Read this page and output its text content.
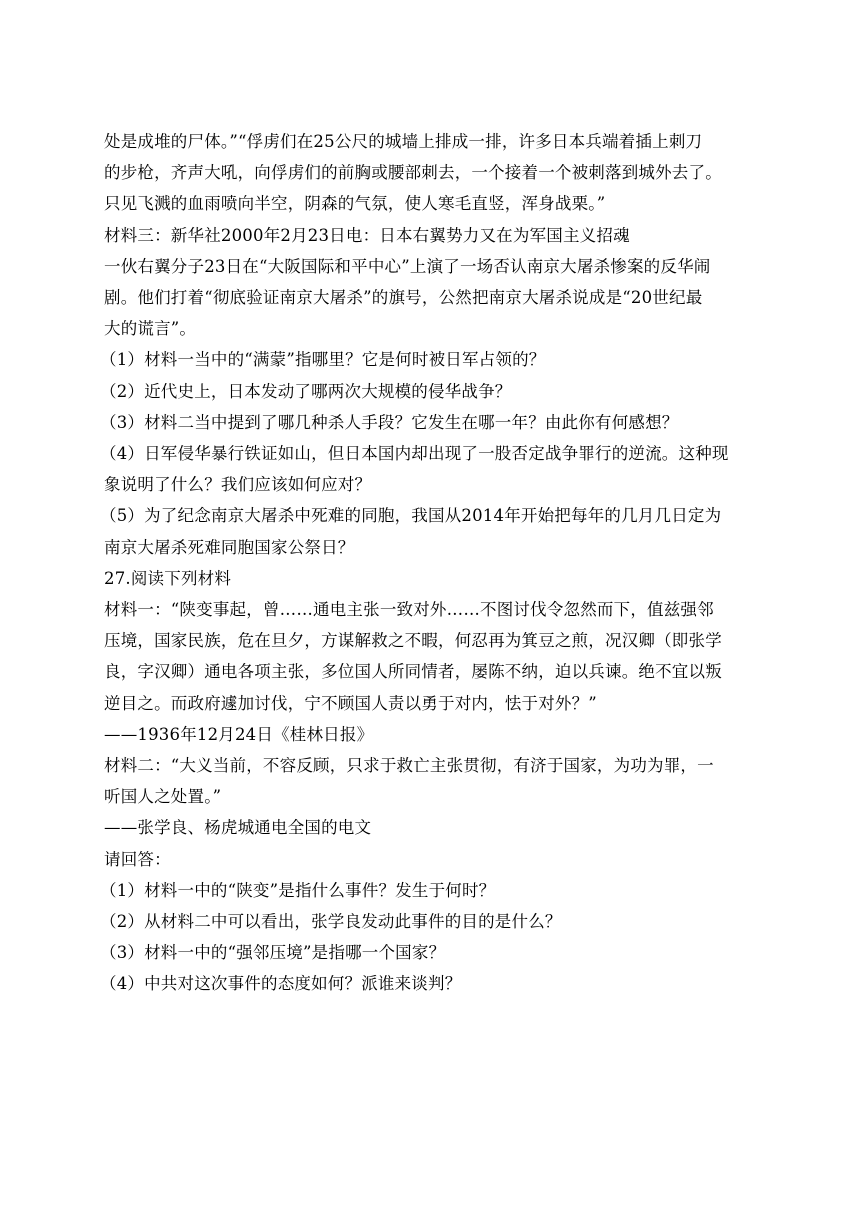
处是成堆的尸体。”“俘虏们在25公尺的城墙上排成一排，许多日本兵端着插上刺刀
的步枪，齐声大吼，向俘虏们的前胸或腰部刺去，一个接着一个被刺落到城外去了。
只见飞溅的血雨喷向半空，阴森的气氛，使人寒毛直竖，浑身战栗。”
材料三：新华社2000年2月23日电：日本右翼势力又在为军国主义招魂
一伙右翼分子23日在“大阪国际和平中心”上演了一场否认南京大屠杀惨案的反华闹
剧。他们打着“彻底验证南京大屠杀”的旗号，公然把南京大屠杀说成是“20世纪最
大的谎言”。
（1）材料一当中的“满蒙”指哪里？它是何时被日军占领的？
（2）近代史上，日本发动了哪两次大规模的侵华战争？
（3）材料二当中提到了哪几种杀人手段？它发生在哪一年？由此你有何感想？
（4）日军侵华暴行铁证如山，但日本国内却出现了一股否定战争罪行的逆流。这种现
象说明了什么？我们应该如何应对？
（5）为了纪念南京大屠杀中死难的同胞，我国从2014年开始把每年的几月几日定为
南京大屠杀死难同胞国家公祭日？
27.阅读下列材料
材料一：“陕变事起，曾……通电主张一致对外……不图讨伐令忽然而下，值兹强邻
压境，国家民族，危在旦夕，方谋解救之不暇，何忍再为箕豆之煎，况汉卿（即张学
良，字汉卿）通电各项主张，多位国人所同情者，屡陈不纳，迫以兵谏。绝不宜以叛
逆目之。而政府遽加讨伐，宁不顾国人责以勇于对内，怯于对外？”
——1936年12月24日《桂林日报》
材料二：“大义当前，不容反顾，只求于救亡主张贯彻，有济于国家，为功为罪，一
听国人之处置。”
——张学良、杨虎城通电全国的电文
请回答：
（1）材料一中的“陕变”是指什么事件？发生于何时？
（2）从材料二中可以看出，张学良发动此事件的目的是什么？
（3）材料一中的“强邻压境”是指哪一个国家？
（4）中共对这次事件的态度如何？派谁来谈判？
